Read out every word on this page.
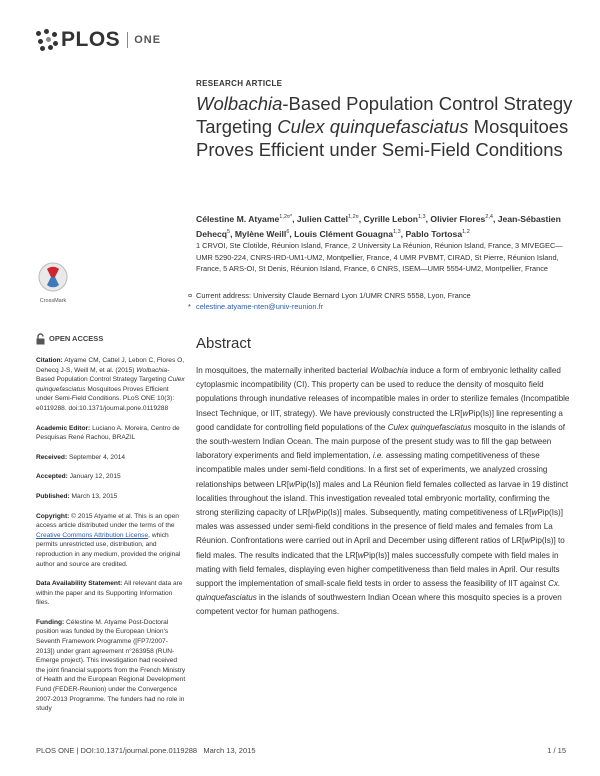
PLOS ONE
RESEARCH ARTICLE
Wolbachia-Based Population Control Strategy Targeting Culex quinquefasciatus Mosquitoes Proves Efficient under Semi-Field Conditions
Célestine M. Atyame$^{1,2¤*}$, Julien Cattel$^{1,2¤}$, Cyrille Lebon$^{1,3}$, Olivier Flores$^{2,4}$, Jean-Sébastien Dehecq$^5$, Mylène Weill$^6$, Louis Clément Gouagna$^{1,3}$, Pablo Tortosa$^{1,2}$
1 CRVOI, Ste Clotilde, Réunion Island, France, 2 University La Réunion, Réunion Island, France, 3 MIVEGEC—UMR 5290-224, CNRS-IRD-UM1-UM2, Montpellier, France, 4 UMR PVBMT, CIRAD, St Pierre, Réunion Island, France, 5 ARS-OI, St Denis, Réunion Island, France, 6 CNRS, ISEM—UMR 5554-UM2, Montpellier, France
¤ Current address: University Claude Bernard Lyon 1/UMR CNRS 5558, Lyon, France
* celestine.atyame-nten@univ-reunion.fr
CrossMark
OPEN ACCESS
Citation: Atyame CM, Cattel J, Lebon C, Flores O, Dehecq J-S, Weill M, et al. (2015) Wolbachia-Based Population Control Strategy Targeting Culex quinquefasciatus Mosquitoes Proves Efficient under Semi-Field Conditions. PLoS ONE 10(3): e0119288. doi:10.1371/journal.pone.0119288
Academic Editor: Luciano A. Moreira, Centro de Pesquisas René Rachou, BRAZIL
Received: September 4, 2014
Accepted: January 12, 2015
Published: March 13, 2015
Copyright: © 2015 Atyame et al. This is an open access article distributed under the terms of the Creative Commons Attribution License, which permits unrestricted use, distribution, and reproduction in any medium, provided the original author and source are credited.
Data Availability Statement: All relevant data are within the paper and its Supporting Information files.
Funding: Célestine M. Atyame Post-Doctoral position was funded by the European Union's Seventh Framework Programme ([FP7/2007-2013]) under grant agreement n°263958 (RUN-Emerge project). This investigation had received the joint financial supports from the French Ministry of Health and the European Regional Development Fund (FEDER-Reunion) under the Convergence 2007-2013 Programme. The funders had no role in study
Abstract

In mosquitoes, the maternally inherited bacterial Wolbachia induce a form of embryonic lethality called cytoplasmic incompatibility (CI). This property can be used to reduce the density of mosquito field populations through inundative releases of incompatible males in order to sterilize females (Incompatible Insect Technique, or IIT, strategy). We have previously constructed the LR[wPip(Is)] line representing a good candidate for controlling field populations of the Culex quinquefasciatus mosquito in the islands of the south-western Indian Ocean. The main purpose of the present study was to fill the gap between laboratory experiments and field implementation, i.e. assessing mating competitiveness of these incompatible males under semi-field conditions. In a first set of experiments, we analyzed crossing relationships between LR[wPip(Is)] males and La Réunion field females collected as larvae in 19 distinct localities throughout the island. This investigation revealed total embryonic mortality, confirming the strong sterilizing capacity of LR[wPip(Is)] males. Subsequently, mating competitiveness of LR[wPip(Is)] males was assessed under semi-field conditions in the presence of field males and females from La Réunion. Confrontations were carried out in April and December using different ratios of LR[wPip(Is)] to field males. The results indicated that the LR[wPip(Is)] males successfully compete with field males in mating with field females, displaying even higher competitiveness than field males in April. Our results support the implementation of small-scale field tests in order to assess the feasibility of IIT against Cx. quinquefasciatus in the islands of southwestern Indian Ocean where this mosquito species is a proven competent vector for human pathogens.

PLOS ONE | DOI:10.1371/journal.pone.0119288 March 13, 2015	1 / 15
